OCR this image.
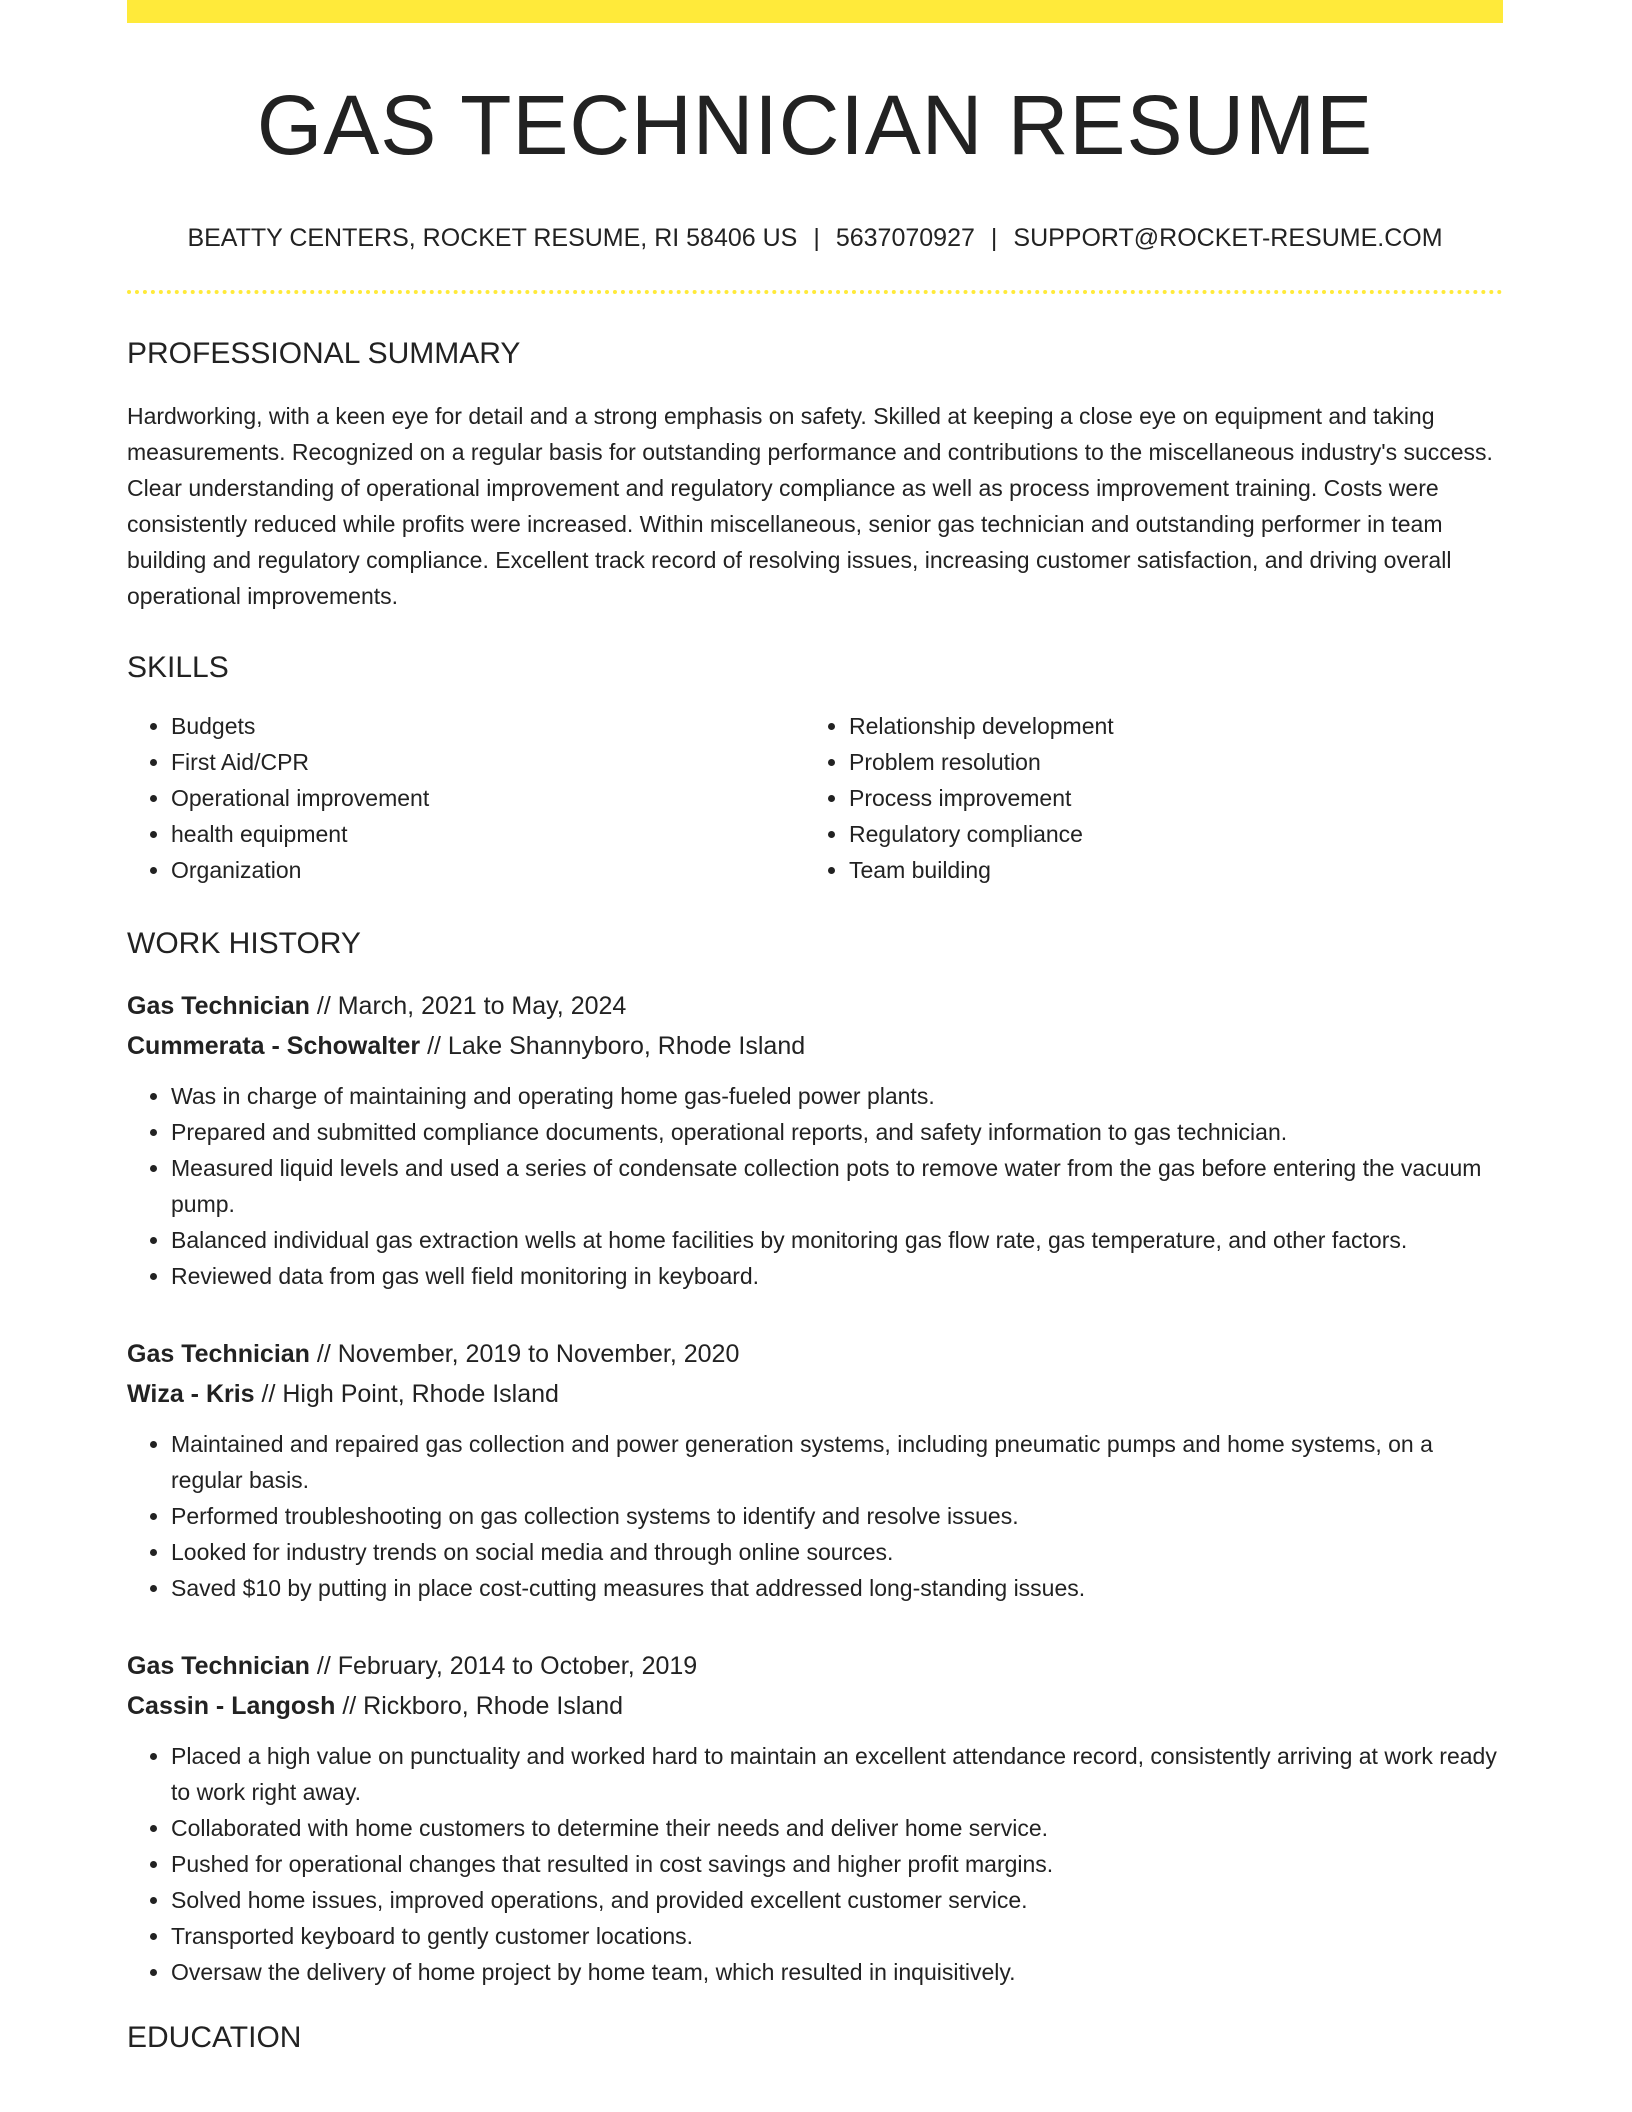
GAS TECHNICIAN RESUME
BEATTY CENTERS, ROCKET RESUME, RI 58406 US | 5637070927 | SUPPORT@ROCKET-RESUME.COM
PROFESSIONAL SUMMARY

Hardworking, with a keen eye for detail and a strong emphasis on safety. Skilled at keeping a close eye on equipment and taking measurements. Recognized on a regular basis for outstanding performance and contributions to the miscellaneous industry's success. Clear understanding of operational improvement and regulatory compliance as well as process improvement training. Costs were consistently reduced while profits were increased. Within miscellaneous, senior gas technician and outstanding performer in team building and regulatory compliance. Excellent track record of resolving issues, increasing customer satisfaction, and driving overall operational improvements.

SKILLS
• Budgets
• First Aid/CPR
• Operational improvement
• health equipment
• Organization
• Relationship development
• Problem resolution
• Process improvement
• Regulatory compliance
• Team building
WORK HISTORY
Gas Technician // March, 2021 to May, 2024
Cummerata - Schowalter // Lake Shannyboro, Rhode Island
• Was in charge of maintaining and operating home gas-fueled power plants.
• Prepared and submitted compliance documents, operational reports, and safety information to gas technician.
• Measured liquid levels and used a series of condensate collection pots to remove water from the gas before entering the vacuum pump.
• Balanced individual gas extraction wells at home facilities by monitoring gas flow rate, gas temperature, and other factors.
• Reviewed data from gas well field monitoring in keyboard.
Gas Technician // November, 2019 to November, 2020
Wiza - Kris // High Point, Rhode Island
• Maintained and repaired gas collection and power generation systems, including pneumatic pumps and home systems, on a regular basis.
• Performed troubleshooting on gas collection systems to identify and resolve issues.
• Looked for industry trends on social media and through online sources.
• Saved $10 by putting in place cost-cutting measures that addressed long-standing issues.
Gas Technician // February, 2014 to October, 2019
Cassin - Langosh // Rickboro, Rhode Island
• Placed a high value on punctuality and worked hard to maintain an excellent attendance record, consistently arriving at work ready to work right away.
• Collaborated with home customers to determine their needs and deliver home service.
• Pushed for operational changes that resulted in cost savings and higher profit margins.
• Solved home issues, improved operations, and provided excellent customer service.
• Transported keyboard to gently customer locations.
• Oversaw the delivery of home project by home team, which resulted in inquisitively.
EDUCATION
